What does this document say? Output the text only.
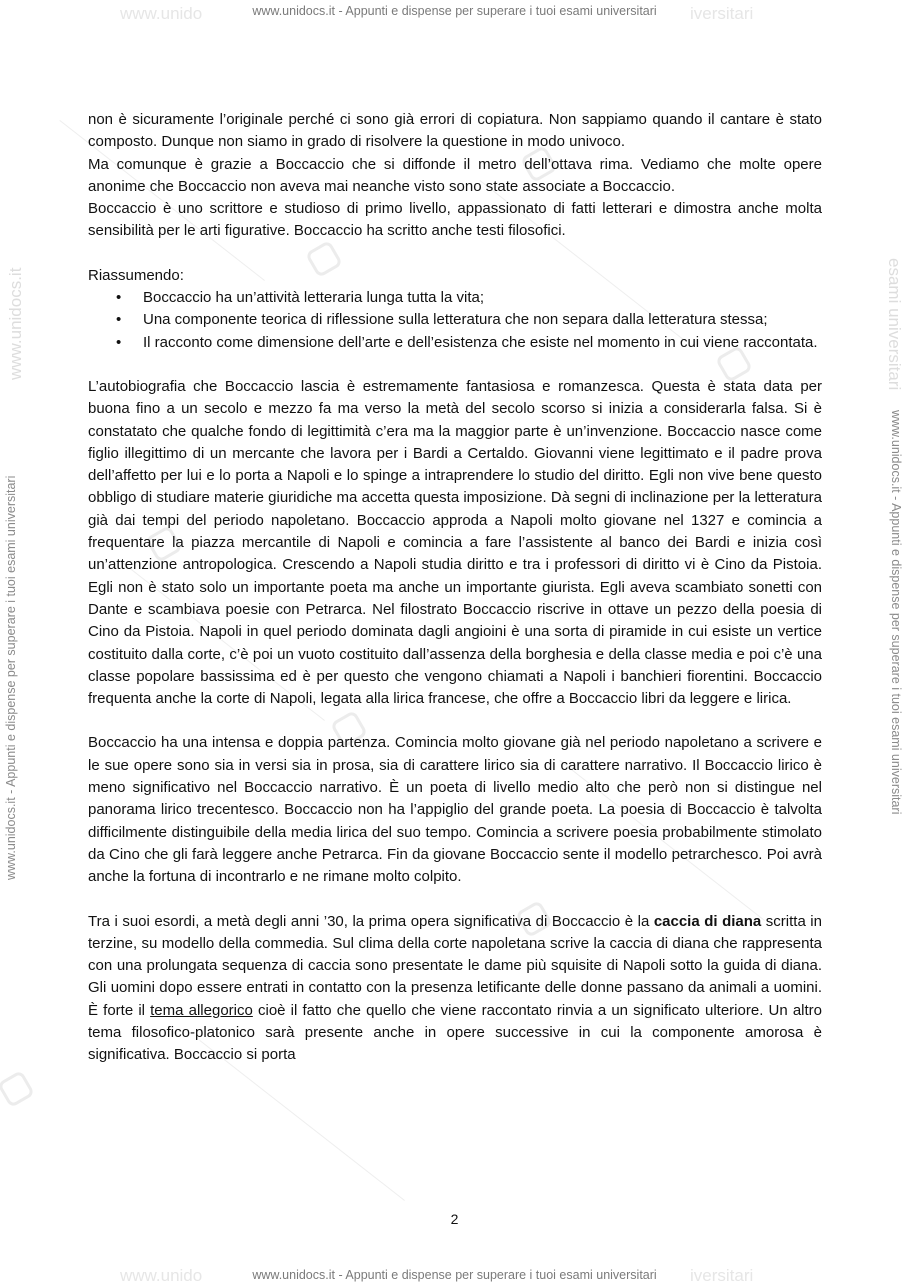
www.unido	iversitari
www.unidocs.it - Appunti e dispense per superare i tuoi esami universitari
www.unido	iversitari
www.unidocs.it - Appunti e dispense per superare i tuoi esami universitari
www.unidocs.it
www.unidocs.it - Appunti e dispense per superare i tuoi esami universitari
esami universitari
www.unidocs.it - Appunti e dispense per superare i tuoi esami universitari

non è sicuramente l’originale perché ci sono già errori di copiatura. Non sappiamo quando il cantare è stato composto. Dunque non siamo in grado di risolvere la questione in modo univoco.

Ma comunque è grazie a Boccaccio che si diffonde il metro dell’ottava rima. Vediamo che molte opere anonime che Boccaccio non aveva mai neanche visto sono state associate a Boccaccio.

Boccaccio è uno scrittore e studioso di primo livello, appassionato di fatti letterari e dimostra anche molta sensibilità per le arti figurative. Boccaccio ha scritto anche testi filosofici.

Riassumendo:

• Boccaccio ha un’attività letteraria lunga tutta la vita;
• Una componente teorica di riflessione sulla letteratura che non separa dalla letteratura stessa;
• Il racconto come dimensione dell’arte e dell’esistenza che esiste nel momento in cui viene raccontata.

L’autobiografia che Boccaccio lascia è estremamente fantasiosa e romanzesca. Questa è stata data per buona fino a un secolo e mezzo fa ma verso la metà del secolo scorso si inizia a considerarla falsa. Si è constatato che qualche fondo di legittimità c’era ma la maggior parte è un’invenzione. Boccaccio nasce come figlio illegittimo di un mercante che lavora per i Bardi a Certaldo. Giovanni viene legittimato e il padre prova dell’affetto per lui e lo porta a Napoli e lo spinge a intraprendere lo studio del diritto. Egli non vive bene questo obbligo di studiare materie giuridiche ma accetta questa imposizione. Dà segni di inclinazione per la letteratura già dai tempi del periodo napoletano. Boccaccio approda a Napoli molto giovane nel 1327 e comincia a frequentare la piazza mercantile di Napoli e comincia a fare l’assistente al banco dei Bardi e inizia così un’attenzione antropologica. Crescendo a Napoli studia diritto e tra i professori di diritto vi è Cino da Pistoia. Egli non è stato solo un importante poeta ma anche un importante giurista. Egli aveva scambiato sonetti con Dante e scambiava poesie con Petrarca. Nel filostrato Boccaccio riscrive in ottave un pezzo della poesia di Cino da Pistoia. Napoli in quel periodo dominata dagli angioini è una sorta di piramide in cui esiste un vertice costituito dalla corte, c’è poi un vuoto costituito dall’assenza della borghesia e della classe media e poi c’è una classe popolare bassissima ed è per questo che vengono chiamati a Napoli i banchieri fiorentini. Boccaccio frequenta anche la corte di Napoli, legata alla lirica francese, che offre a Boccaccio libri da leggere e lirica.

Boccaccio ha una intensa e doppia partenza. Comincia molto giovane già nel periodo napoletano a scrivere e le sue opere sono sia in versi sia in prosa, sia di carattere lirico sia di carattere narrativo. Il Boccaccio lirico è meno significativo nel Boccaccio narrativo. È un poeta di livello medio alto che però non si distingue nel panorama lirico trecentesco. Boccaccio non ha l’appiglio del grande poeta. La poesia di Boccaccio è talvolta difficilmente distinguibile della media lirica del suo tempo. Comincia a scrivere poesia probabilmente stimolato da Cino che gli farà leggere anche Petrarca. Fin da giovane Boccaccio sente il modello petrarchesco. Poi avrà anche la fortuna di incontrarlo e ne rimane molto colpito.

Tra i suoi esordi, a metà degli anni ’30, la prima opera significativa di Boccaccio è la caccia di diana scritta in terzine, su modello della commedia. Sul clima della corte napoletana scrive la caccia di diana che rappresenta con una prolungata sequenza di caccia sono presentate le dame più squisite di Napoli sotto la guida di diana. Gli uomini dopo essere entrati in contatto con la presenza letificante delle donne passano da animali a uomini. È forte il tema allegorico cioè il fatto che quello che viene raccontato rinvia a un significato ulteriore. Un altro tema filosofico-platonico sarà presente anche in opere successive in cui la componente amorosa è significativa. Boccaccio si porta

2
